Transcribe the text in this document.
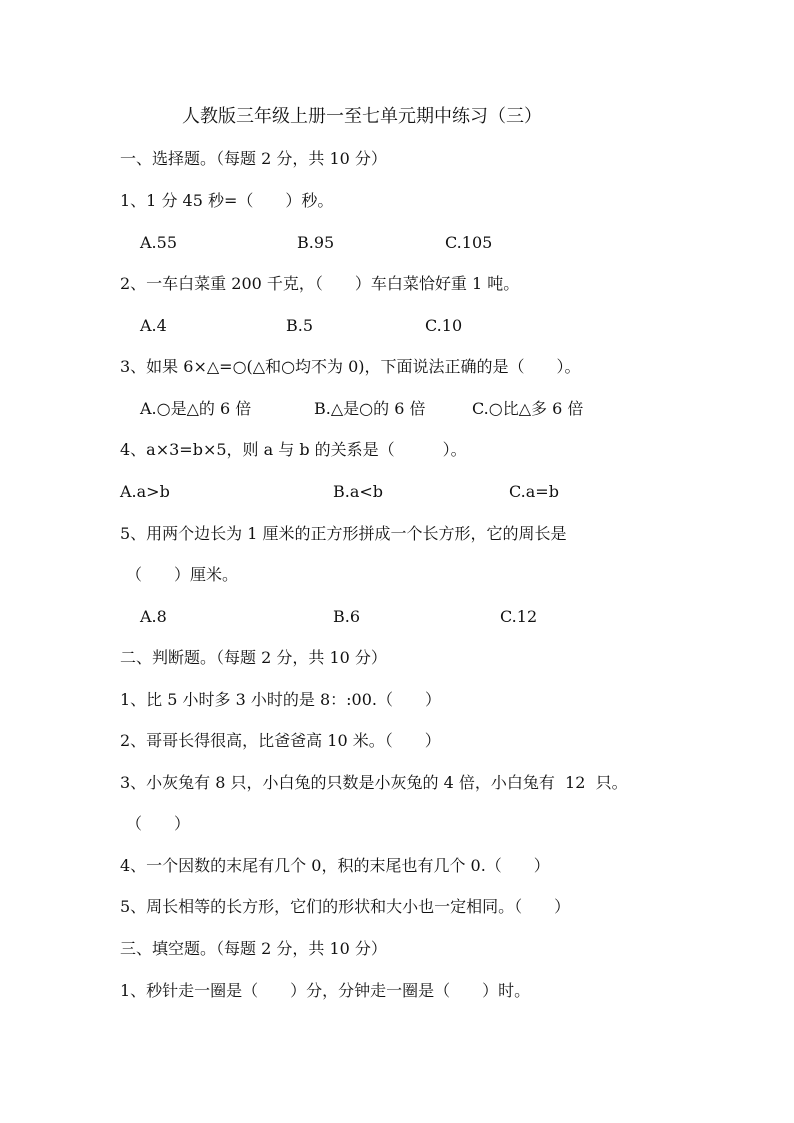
人教版三年级上册一至七单元期中练习（三）
一、选择题。（每题 2 分，共 10 分）
1、1 分 45 秒=（　　）秒。
A.55	B.95	C.105
2、一车白菜重 200 千克，（　　）车白菜恰好重 1 吨。
A.4	B.5	C.10
3、如果 6×△=○(△和○均不为 0)，下面说法正确的是（　　）。
A.○是△的 6 倍	B.△是○的 6 倍	C.○比△多 6 倍
4、a×3=b×5，则 a 与 b 的关系是（　　　）。
A.a>b	B.a<b	C.a=b
5、用两个边长为 1 厘米的正方形拼成一个长方形，它的周长是
（　　）厘米。
A.8	B.6	C.12
二、判断题。（每题 2 分，共 10 分）
1、比 5 小时多 3 小时的是 8：:00.（　　）
2、哥哥长得很高，比爸爸高 10 米。（　　）
3、小灰兔有 8 只，小白兔的只数是小灰兔的 4 倍，小白兔有  12  只。
（　　）
4、一个因数的末尾有几个 0，积的末尾也有几个 0.（　　）
5、周长相等的长方形，它们的形状和大小也一定相同。（　　）
三、填空题。（每题 2 分，共 10 分）
1、秒针走一圈是（　　）分，分钟走一圈是（　　）时。
